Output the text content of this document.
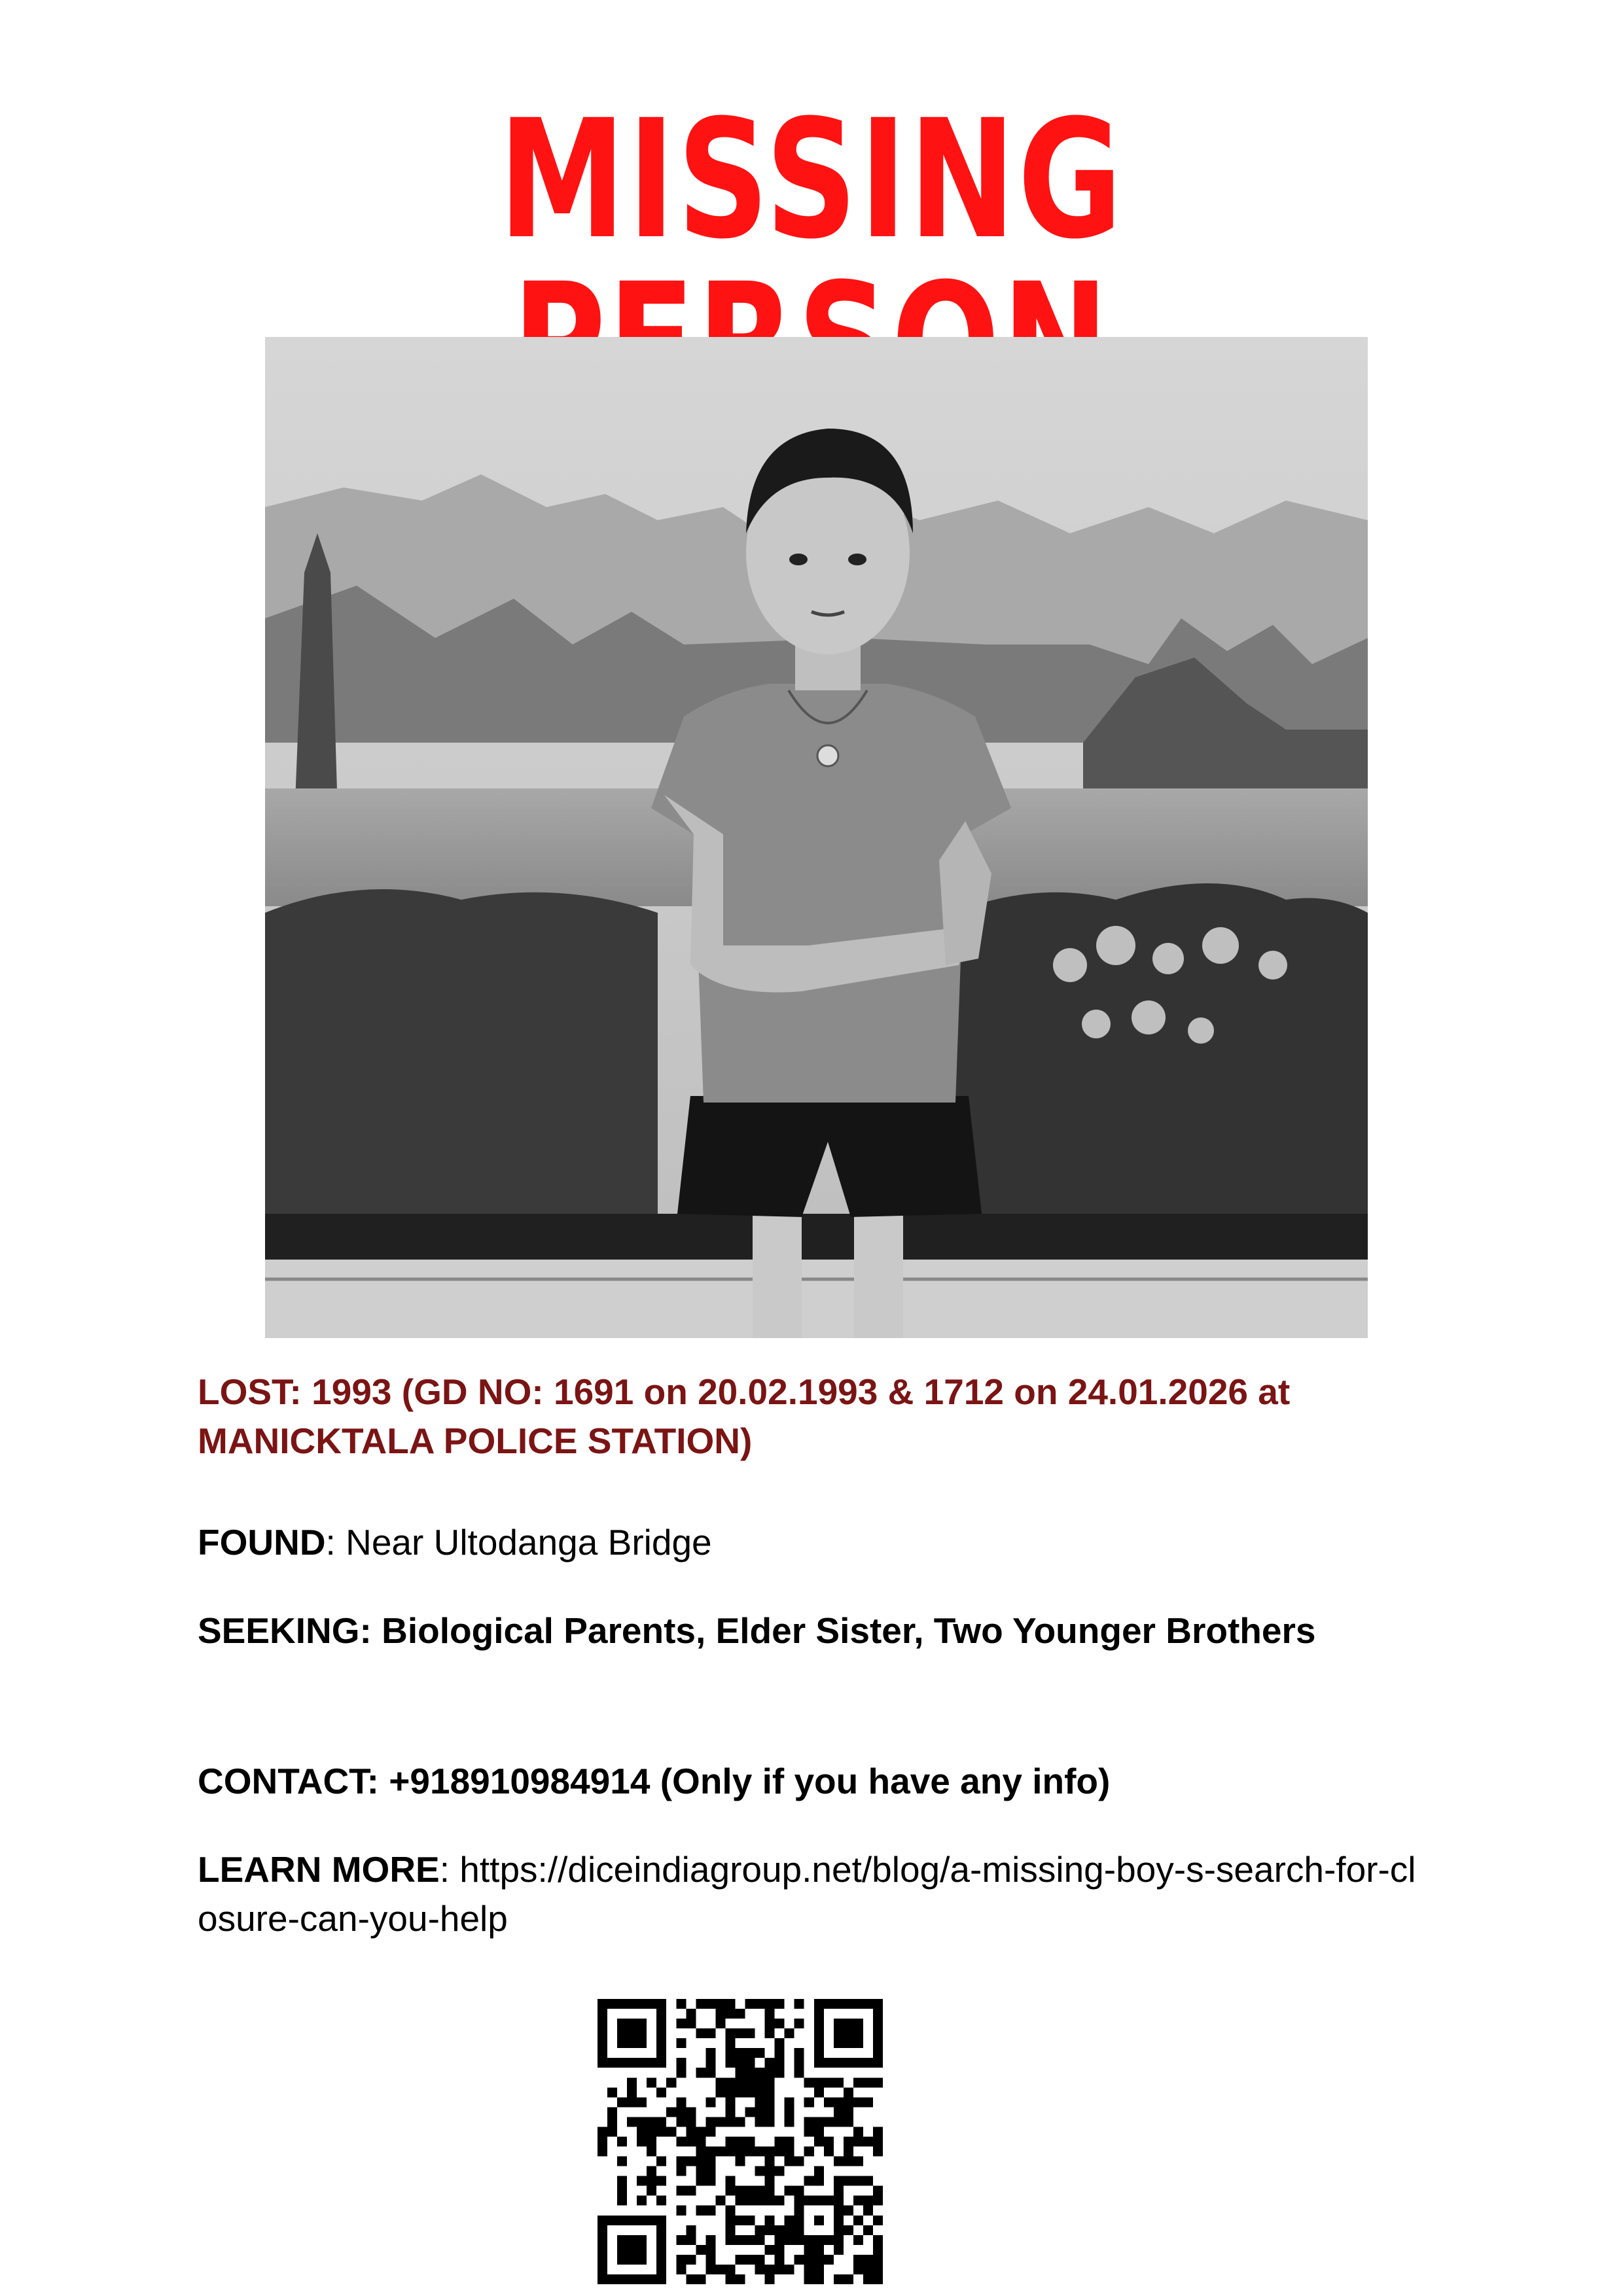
MISSING
LOST: 1993 (GD NO: 1691 on 20.02.1993 & 1712 on 24.01.2026 at MANICKTALA POLICE STATION)
FOUND: Near Ultodanga Bridge
SEEKING: Biological Parents, Elder Sister, Two Younger Brothers
CONTACT: +918910984914 (Only if you have any info)
LEARN MORE: https://diceindiagroup.net/blog/a-missing-boy-s-search-for-closure-can-you-help
